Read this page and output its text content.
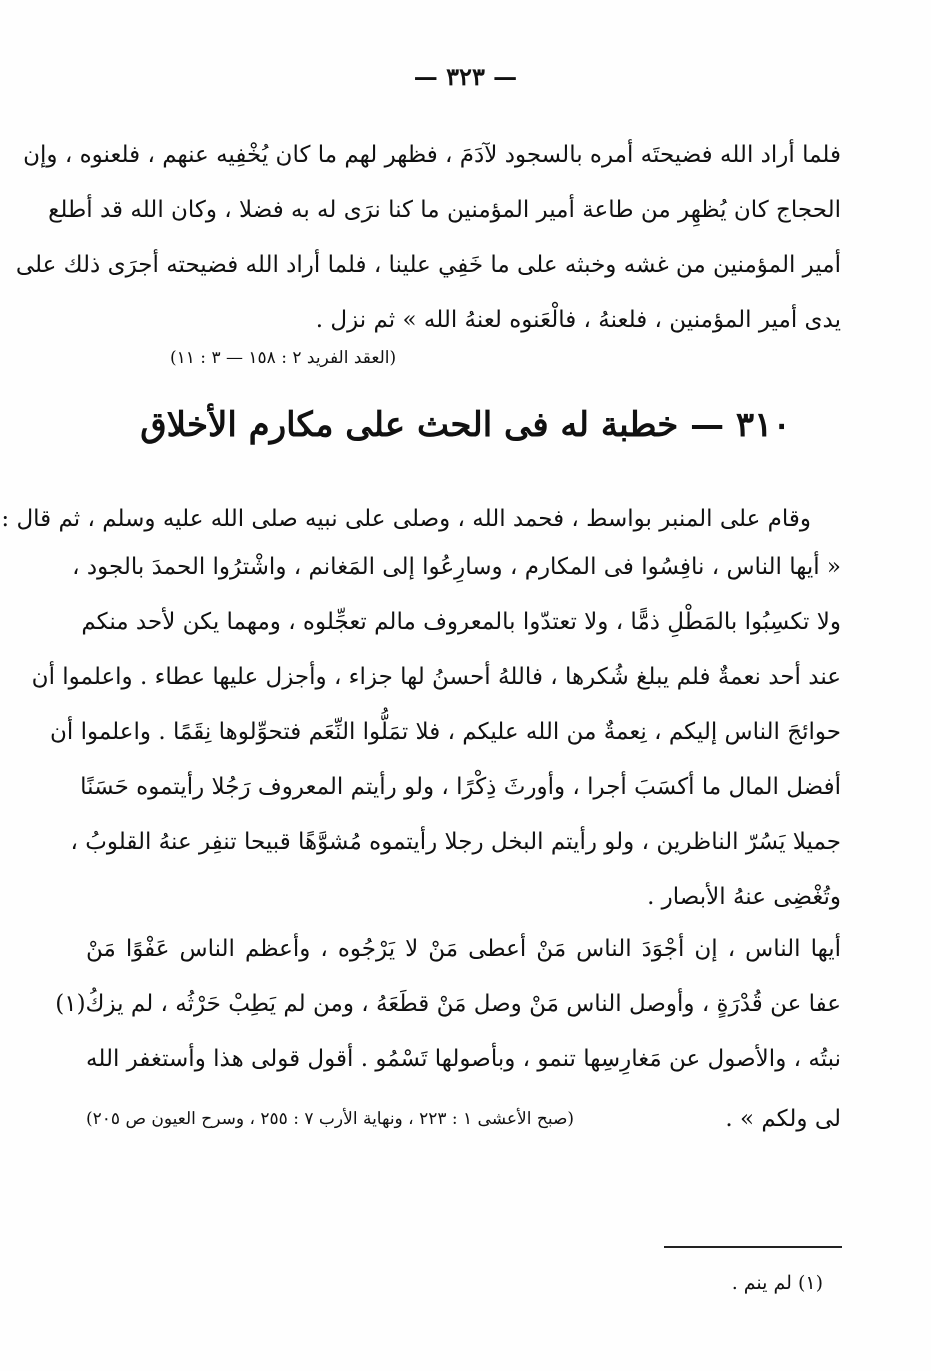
— ٣٢٣ —
فلما أراد الله فضيحتَه أمره بالسجود لآدَمَ ، فظهر لهم ما كان يُخْفِيه عنهم ، فلعنوه ، وإن
الحجاج كان يُظهِر من طاعة أمير المؤمنين ما كنا نرَى له به فضلا ، وكان الله قد أطلع
أمير المؤمنين من غشه وخبثه على ما خَفِي علينا ، فلما أراد الله فضيحته أجرَى ذلك على
يدى أمير المؤمنين ، فلعنهُ ، فالْعَنوه لعنهُ الله » ثم نزل .
(العقد الفريد ٢ : ١٥٨ — ٣ : ١١)
٣١٠ — خطبة له فى الحث على مكارم الأخلاق
وقام على المنبر بواسط ، فحمد الله ، وصلى على نبيه صلى الله عليه وسلم ، ثم قال :
« أيها الناس ، نافِسُوا فى المكارم ، وسارِعُوا إلى المَغانم ، واشْترُوا الحمدَ بالجود ،
ولا تكسِبُوا بالمَطْلِ ذمًّا ، ولا تعتدّوا بالمعروف مالم تعجِّلوه ، ومهما يكن لأحد منكم
عند أحد نعمةٌ فلم يبلغ شُكرها ، فاللهُ أحسنُ لها جزاء ، وأجزل عليها عطاء . واعلموا أن
حوائجَ الناس إليكم ، نِعمةٌ من الله عليكم ، فلا تمَلُّوا النِّعَم فتحوِّلوها نِقَمًا . واعلموا أن
أفضل المال ما أكسَبَ أجرا ، وأورثَ ذِكْرًا ، ولو رأيتم المعروف رَجُلا رأيتموه حَسَنًا
جميلا يَسُرّ الناظرين ، ولو رأيتم البخل رجلا رأيتموه مُشوَّهًا قبيحا تنفِر عنهُ القلوبُ ،
وتُغْضِى عنهُ الأبصار .
أيها الناس ، إن أجْوَدَ الناس مَنْ أعطى مَنْ لا يَرْجُوه ، وأعظم الناس عَفْوًا مَنْ
عفا عن قُدْرَةٍ ، وأوصل الناس مَنْ وصل مَنْ قطَعَهُ ، ومن لم يَطِبْ حَرْثُه ، لم يزكُ(١)
نبتُه ، والأصول عن مَغارِسِها تنمو ، وبأصولها تَسْمُو . أقول قولى هذا وأستغفر الله
لى ولكم » .
(صبح الأعشى ١ : ٢٢٣ ، ونهاية الأرب ٧ : ٢٥٥ ، وسرح العيون ص ٢٠٥)
(١) لم ينم .
